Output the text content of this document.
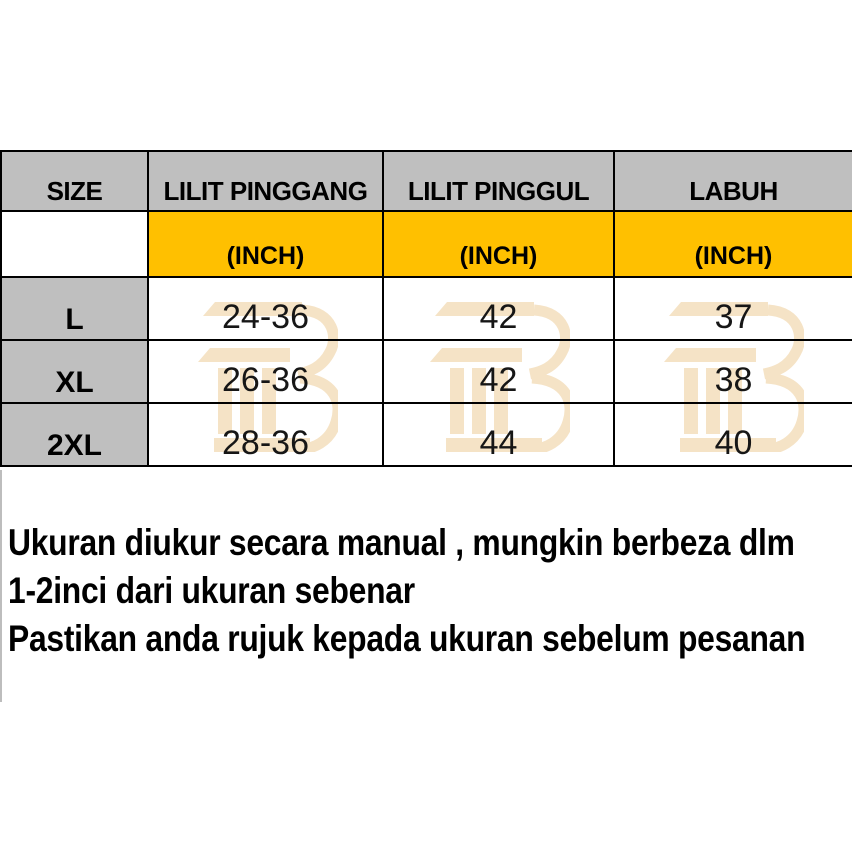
SIZE	LILIT PINGGANG	LILIT PINGGUL	LABUH
	(INCH)	(INCH)	(INCH)
L	24-36	42	37
XL	26-36	42	38
2XL	28-36	44	40

Ukuran diukur secara manual , mungkin berbeza dlm
1-2inci dari ukuran sebenar

Pastikan anda rujuk kepada ukuran sebelum pesanan
